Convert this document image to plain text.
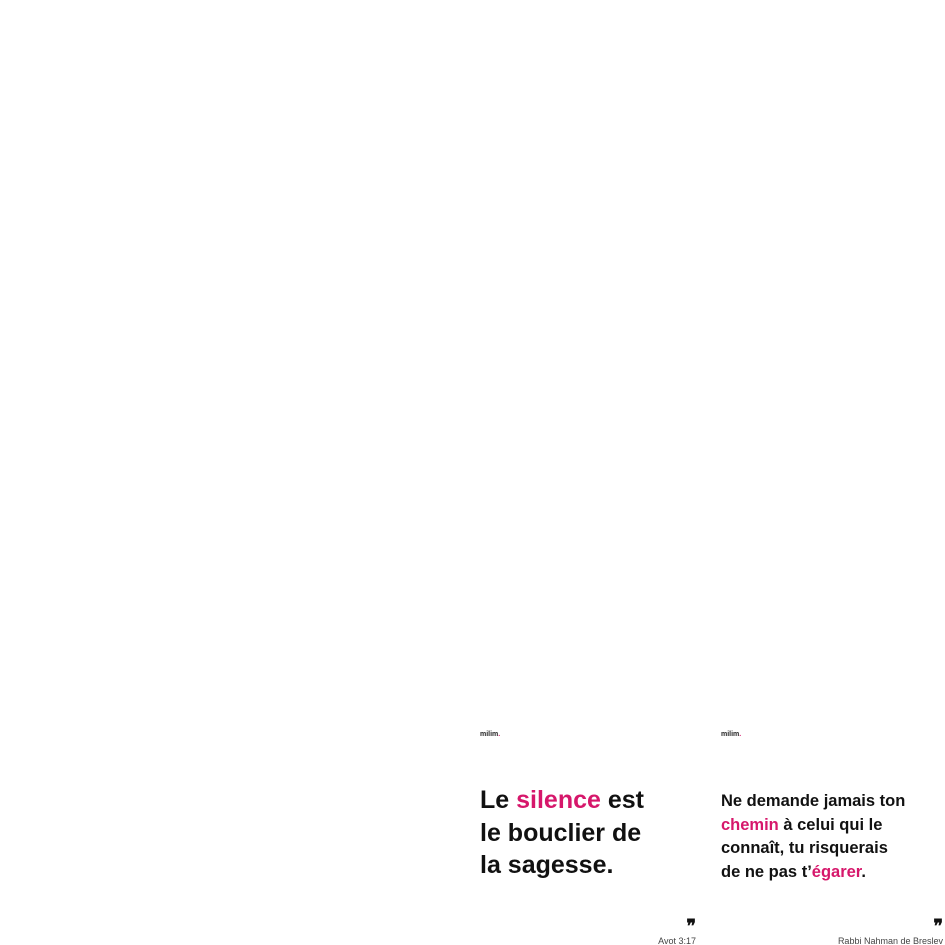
milim.
Le silence est
le bouclier de
la sagesse.
❞
Avot 3:17
milim.
Ne demande jamais ton
chemin à celui qui le
connaît, tu risquerais
de ne pas t’égarer.
❞
Rabbi Nahman de Breslev
